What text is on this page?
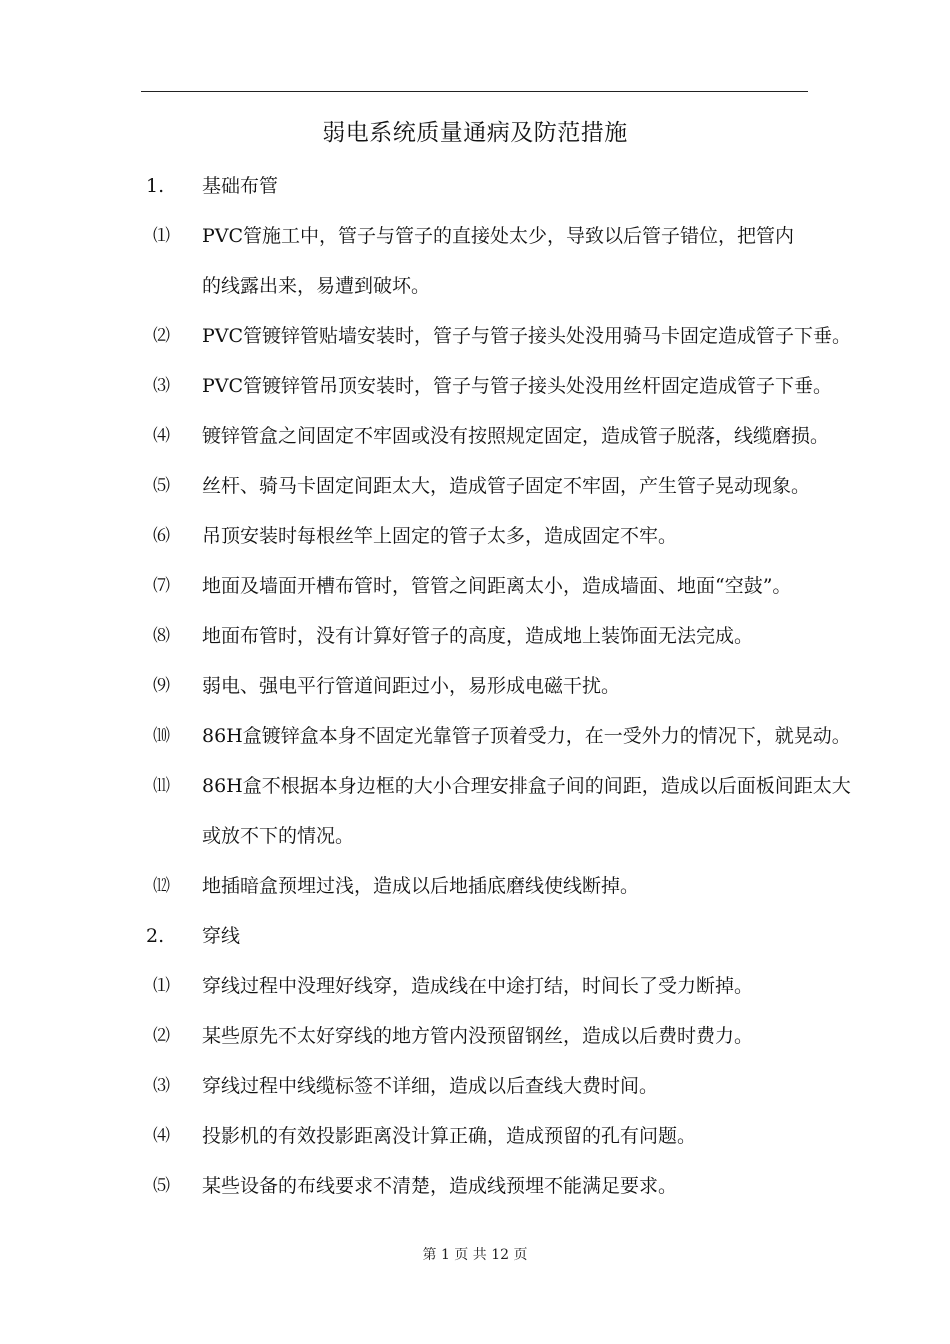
弱电系统质量通病及防范措施
1. 基础布管
⑴ PVC管施工中，管子与管子的直接处太少，导致以后管子错位，把管内
的线露出来，易遭到破坏。
⑵ PVC管镀锌管贴墙安装时，管子与管子接头处没用骑马卡固定造成管子下垂。
⑶ PVC管镀锌管吊顶安装时，管子与管子接头处没用丝杆固定造成管子下垂。
⑷ 镀锌管盒之间固定不牢固或没有按照规定固定，造成管子脱落，线缆磨损。
⑸ 丝杆、骑马卡固定间距太大，造成管子固定不牢固，产生管子晃动现象。
⑹ 吊顶安装时每根丝竿上固定的管子太多，造成固定不牢。
⑺ 地面及墙面开槽布管时，管管之间距离太小，造成墙面、地面“空鼓”。
⑻ 地面布管时，没有计算好管子的高度，造成地上装饰面无法完成。
⑼ 弱电、强电平行管道间距过小，易形成电磁干扰。
⑽ 86H盒镀锌盒本身不固定光靠管子顶着受力，在一受外力的情况下，就晃动。
⑾ 86H盒不根据本身边框的大小合理安排盒子间的间距，造成以后面板间距太大
或放不下的情况。
⑿ 地插暗盒预埋过浅，造成以后地插底磨线使线断掉。
2. 穿线
⑴ 穿线过程中没理好线穿，造成线在中途打结，时间长了受力断掉。
⑵ 某些原先不太好穿线的地方管内没预留钢丝，造成以后费时费力。
⑶ 穿线过程中线缆标签不详细，造成以后查线大费时间。
⑷ 投影机的有效投影距离没计算正确，造成预留的孔有问题。
⑸ 某些设备的布线要求不清楚，造成线预埋不能满足要求。
第 1 页 共 12 页
